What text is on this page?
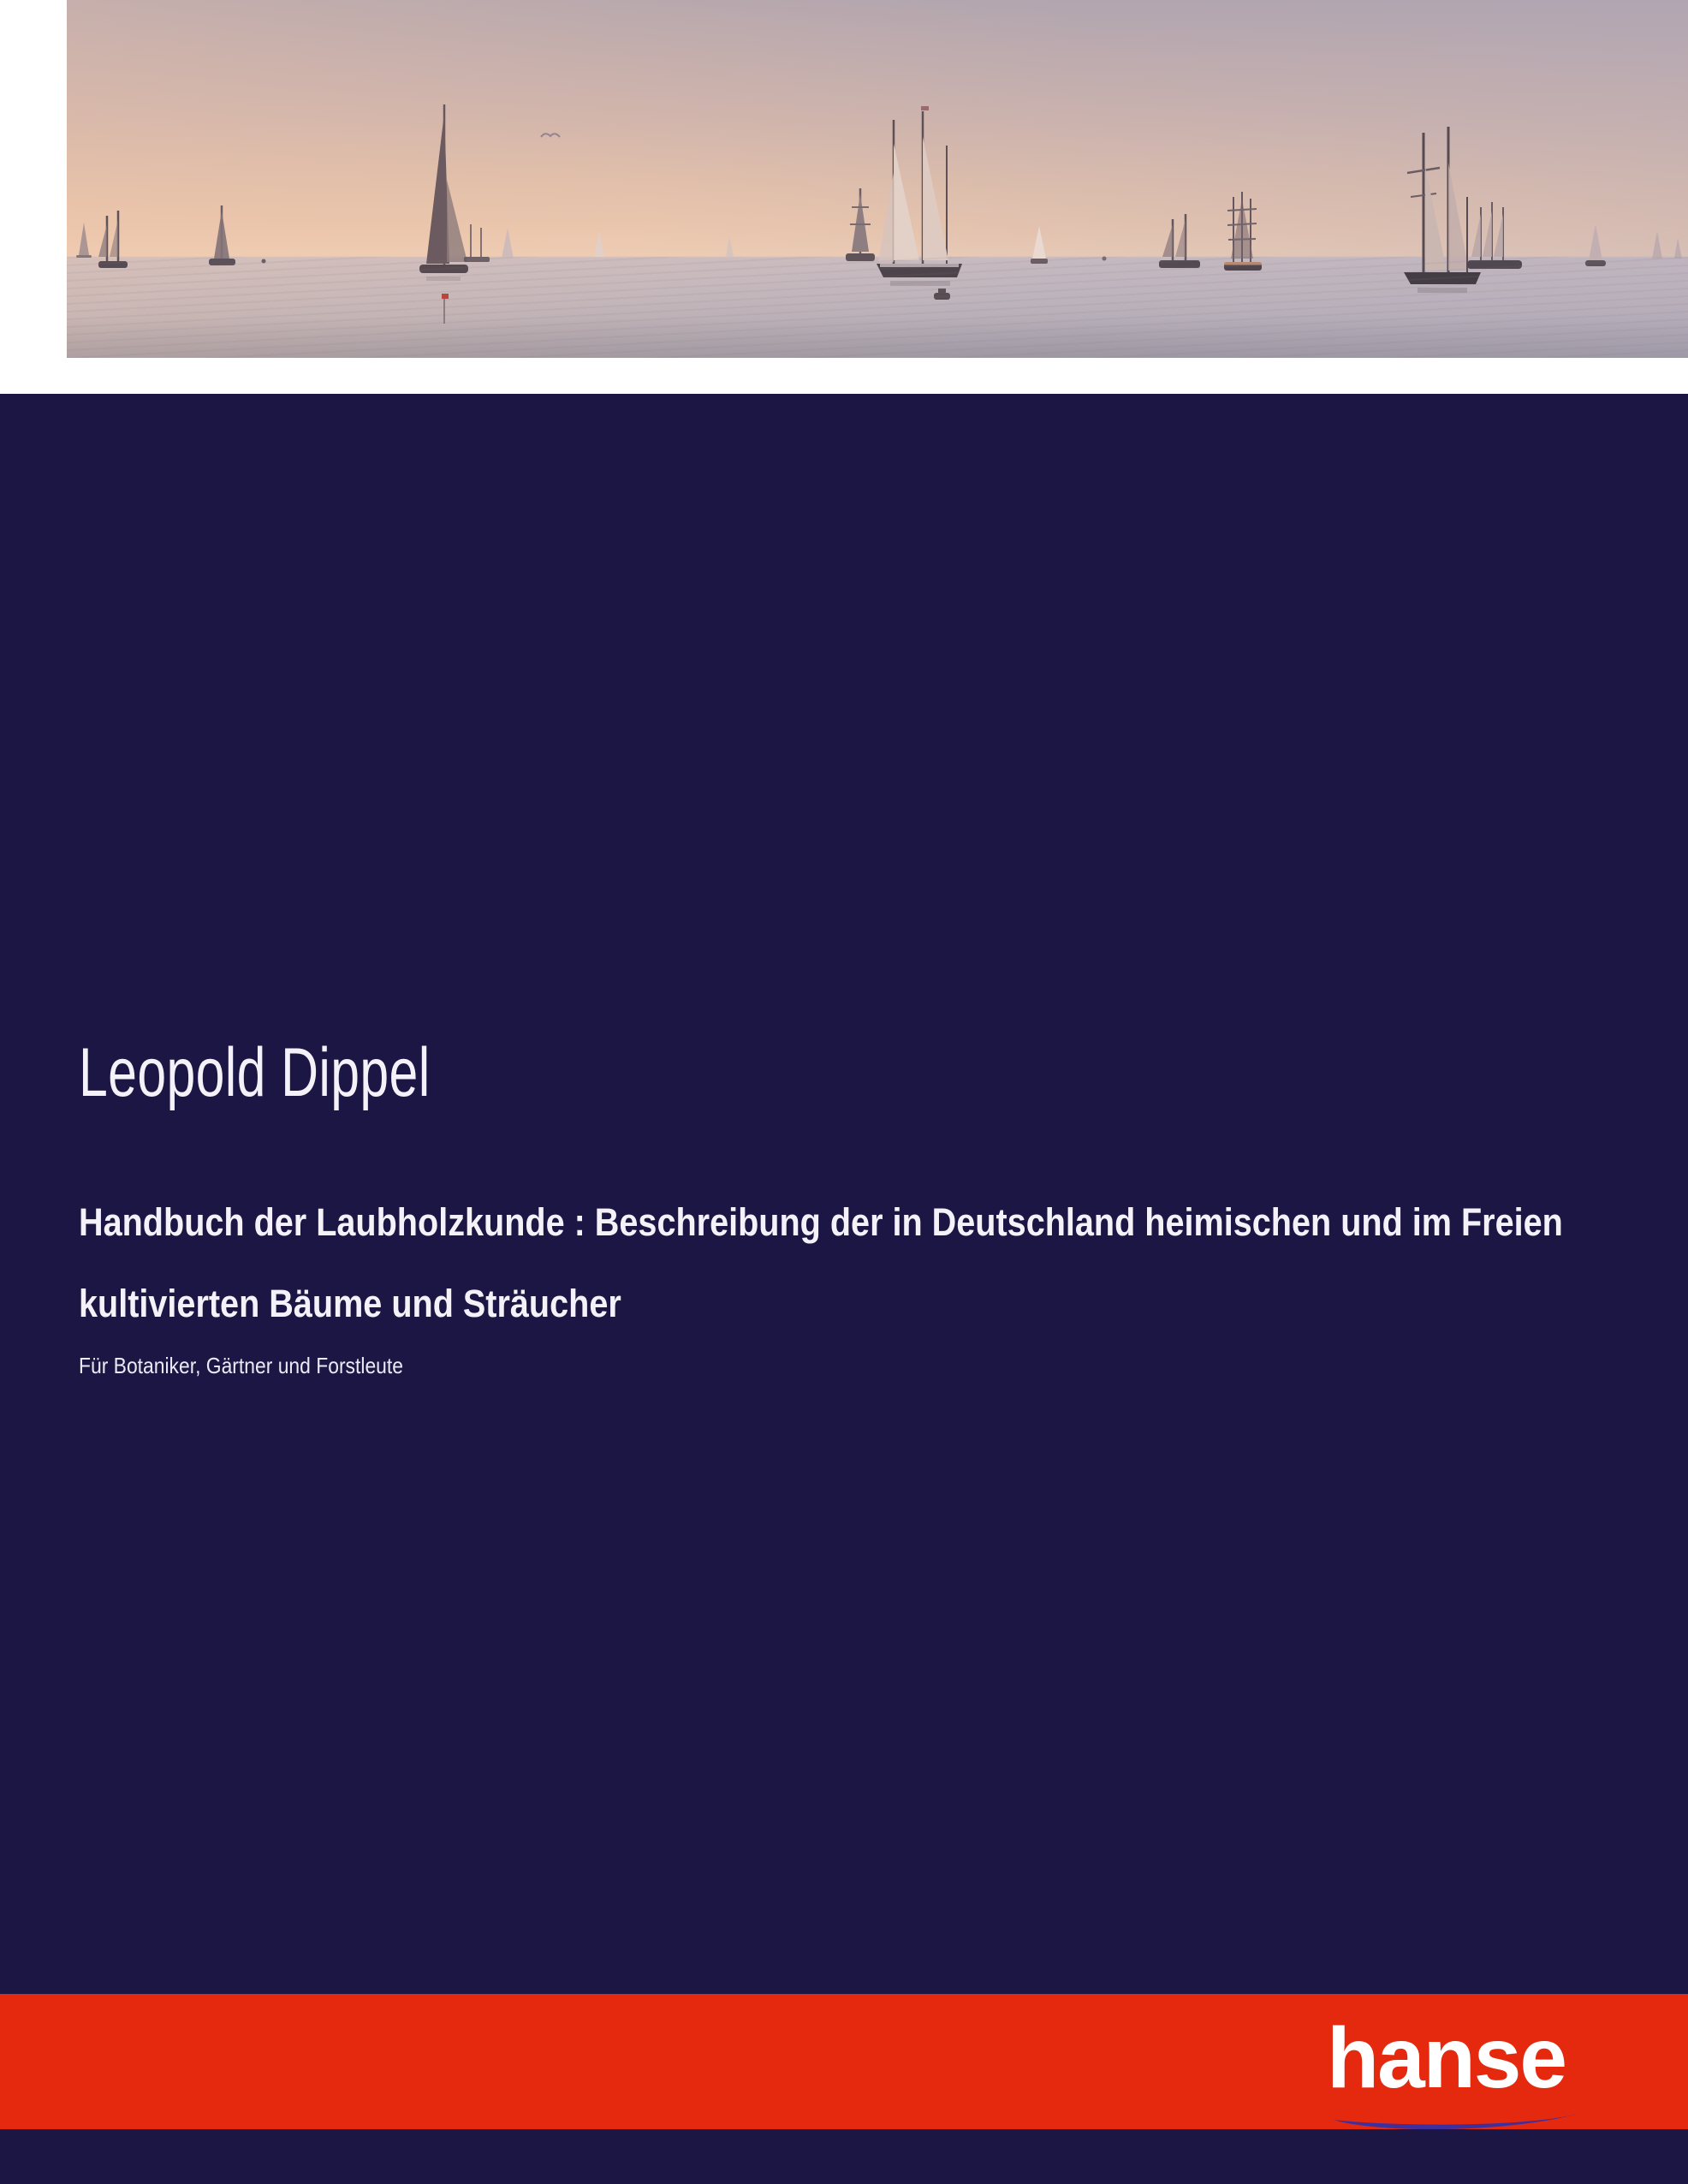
Leopold Dippel
Handbuch der Laubholzkunde : Beschreibung der in Deutschland heimischen und im Freien
kultivierten Bäume und Sträucher
Für Botaniker, Gärtner und Forstleute
hanse
